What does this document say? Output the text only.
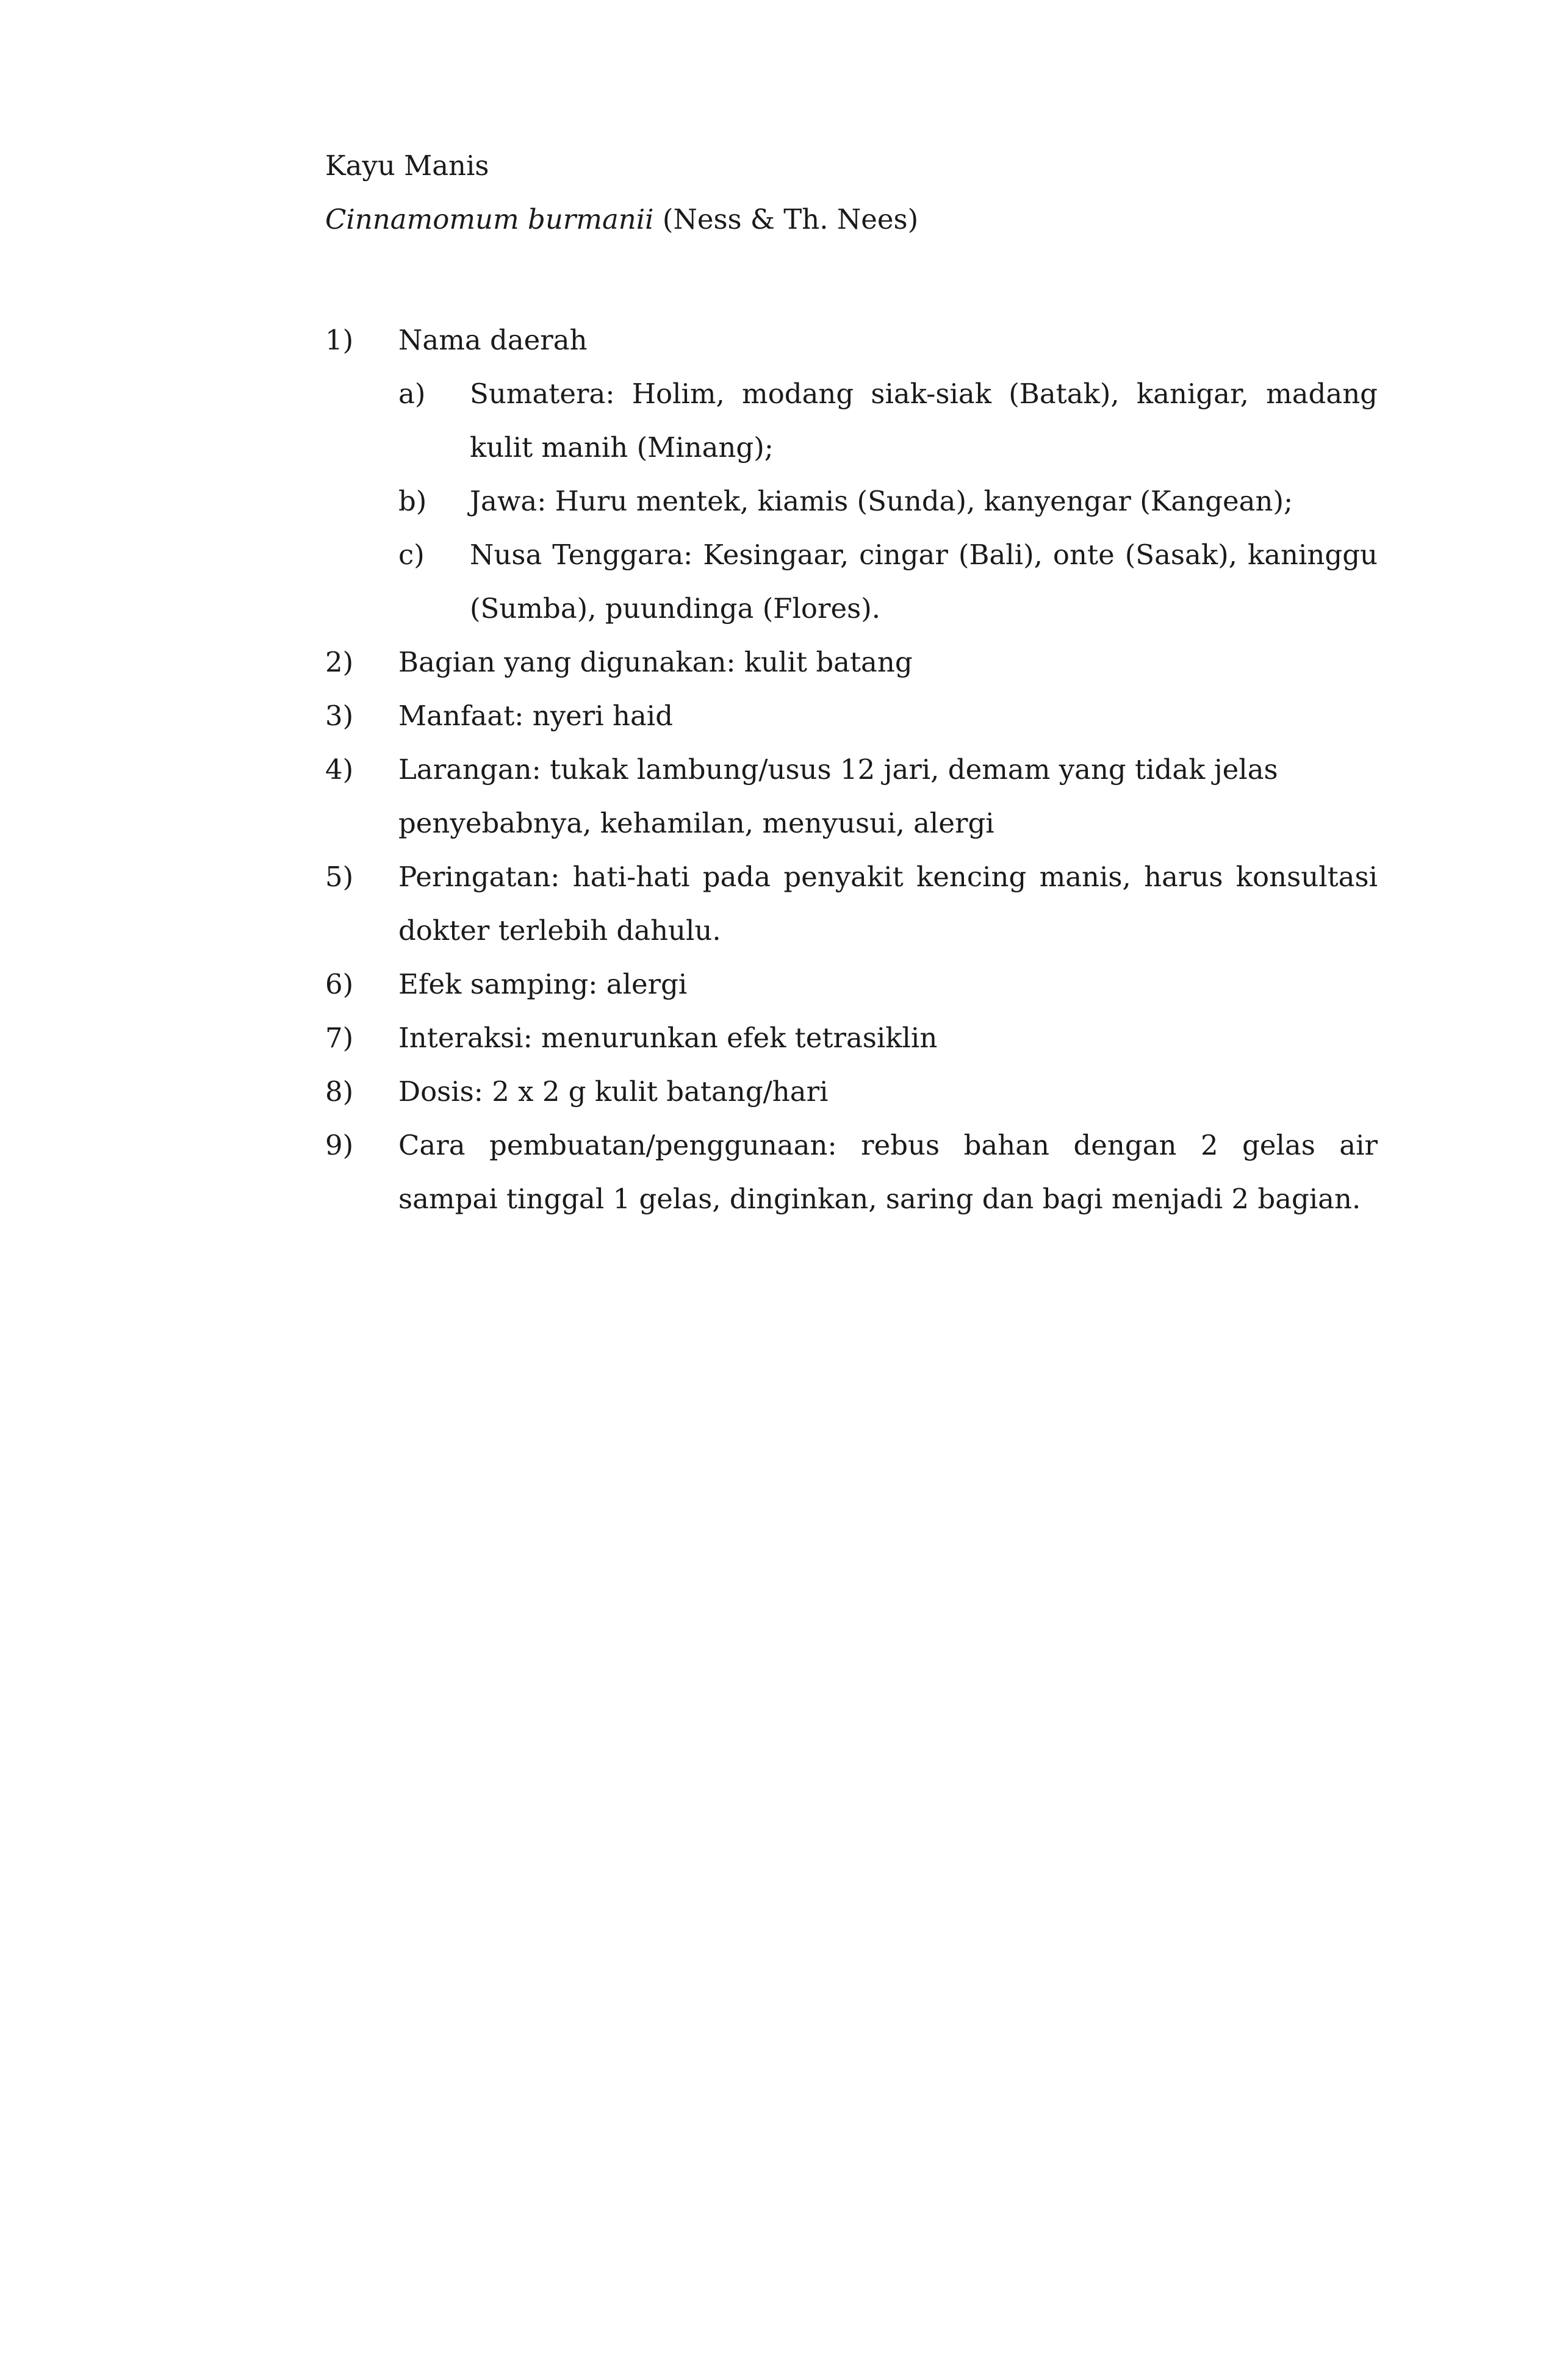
Kayu Manis
Cinnamomum burmanii (Ness & Th. Nees)
1)	Nama daerah
a)	Sumatera: Holim, modang siak-siak (Batak), kanigar, madang kulit manih (Minang);
b)	Jawa: Huru mentek, kiamis (Sunda), kanyengar (Kangean);
c)	Nusa Tenggara: Kesingaar, cingar (Bali), onte (Sasak), kaninggu (Sumba), puundinga (Flores).
2)	Bagian yang digunakan: kulit batang
3)	Manfaat: nyeri haid
4)	Larangan: tukak lambung/usus 12 jari, demam yang tidak jelas penyebabnya, kehamilan, menyusui, alergi
5)	Peringatan: hati-hati pada penyakit kencing manis, harus konsultasi dokter terlebih dahulu.
6)	Efek samping: alergi
7)	Interaksi: menurunkan efek tetrasiklin
8)	Dosis: 2 x 2 g kulit batang/hari
9)	Cara pembuatan/penggunaan: rebus bahan dengan 2 gelas air sampai tinggal 1 gelas, dinginkan, saring dan bagi menjadi 2 bagian.
